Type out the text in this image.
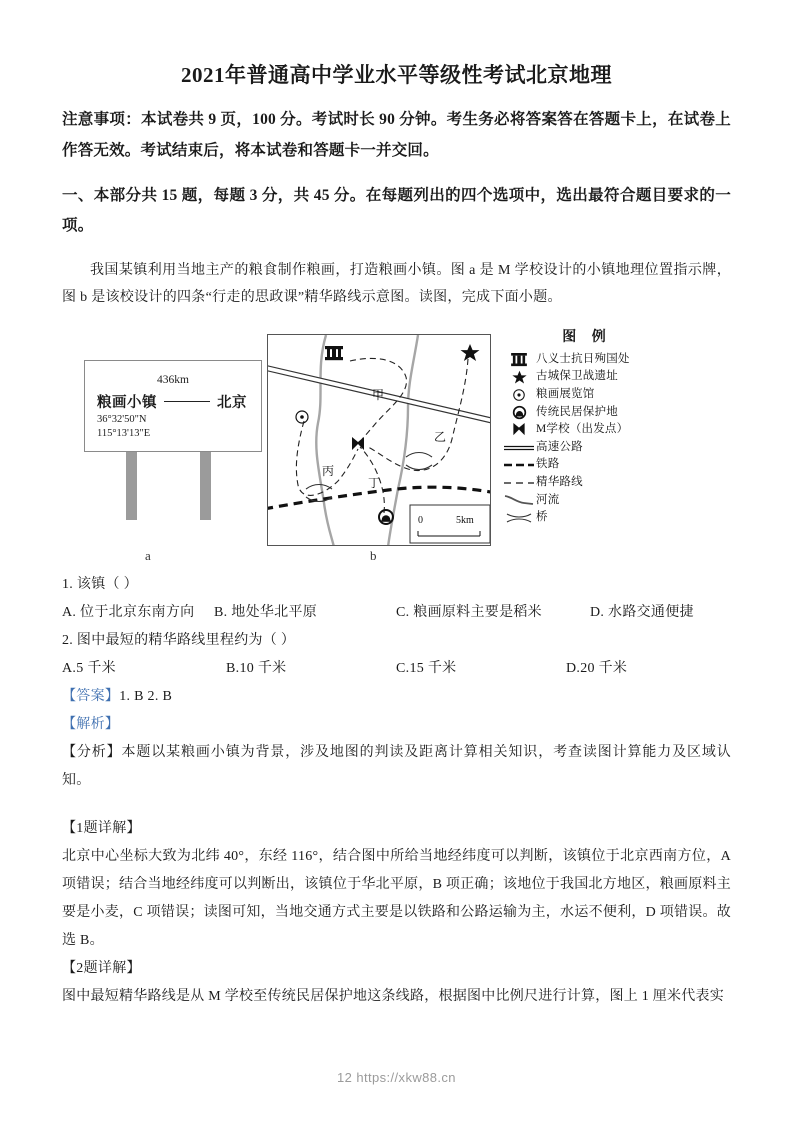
2021年普通高中学业水平等级性考试北京地理

注意事项：本试卷共 9 页，100 分。考试时长 90 分钟。考生务必将答案答在答题卡上，在试卷上作答无效。考试结束后，将本试卷和答题卡一并交回。

一、本部分共 15 题，每题 3 分，共 45 分。在每题列出的四个选项中，选出最符合题目要求的一项。

我国某镇利用当地主产的粮食制作粮画，打造粮画小镇。图 a 是 M 学校设计的小镇地理位置指示牌，图 b 是该校设计的四条“行走的思政课”精华路线示意图。读图，完成下面小题。

436km
粮画小镇	北京
36°32'50"N
115°13'13"E
a
甲
乙
丙
丁
0	5km
b
图 例
八义士抗日殉国处
古城保卫战遗址
粮画展览馆
传统民居保护地
M学校（出发点）
高速公路
铁路
精华路线
河流
桥
1. 该镇（ ）
A. 位于北京东南方向 B. 地处华北平原	C. 粮画原料主要是稻米	D. 水路交通便捷
2. 图中最短的精华路线里程约为（ ）
A.5 千米	B.10 千米	C.15 千米	D.20 千米
【答案】1. B 2. B
【解析】
【分析】本题以某粮画小镇为背景，涉及地图的判读及距离计算相关知识，考查读图计算能力及区域认知。
【1题详解】
北京中心坐标大致为北纬 40°，东经 116°，结合图中所给当地经纬度可以判断，该镇位于北京西南方位，A 项错误；结合当地经纬度可以判断出，该镇位于华北平原，B 项正确；该地位于我国北方地区，粮画原料主要是小麦，C 项错误；读图可知，当地交通方式主要是以铁路和公路运输为主，水运不便利，D 项错误。故选 B。
【2题详解】
图中最短精华路线是从 M 学校至传统民居保护地这条线路，根据图中比例尺进行计算，图上 1 厘米代表实
12 https://xkw88.cn
